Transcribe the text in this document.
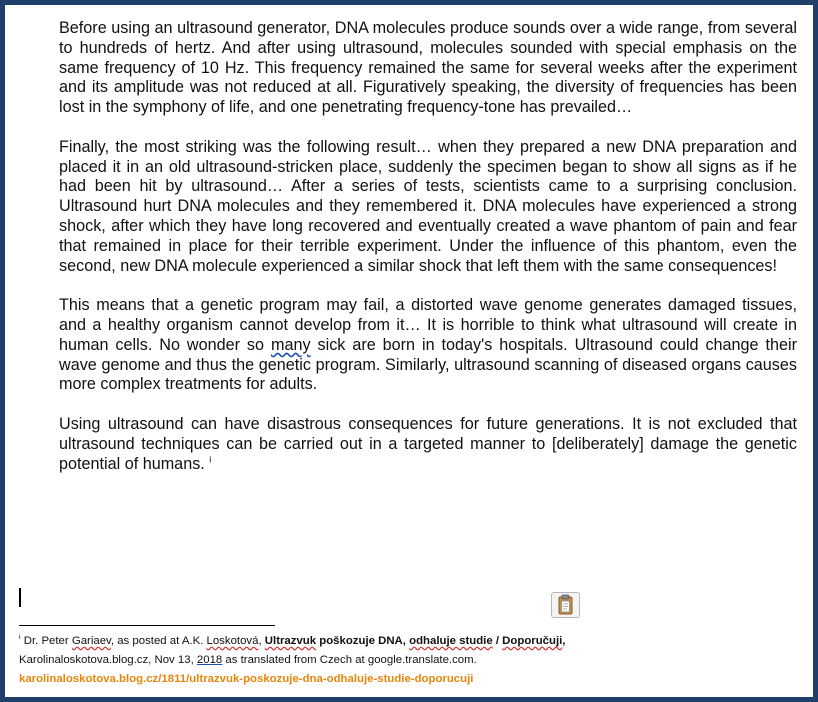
Before using an ultrasound generator, DNA molecules produce sounds over a wide range, from several to hundreds of hertz. And after using ultrasound, molecules sounded with special emphasis on the same frequency of 10 Hz. This frequency remained the same for several weeks after the experiment and its amplitude was not reduced at all. Figuratively speaking, the diversity of frequencies has been lost in the symphony of life, and one penetrating frequency-tone has prevailed…

Finally, the most striking was the following result… when they prepared a new DNA preparation and placed it in an old ultrasound-stricken place, suddenly the specimen began to show all signs as if he had been hit by ultrasound… After a series of tests, scientists came to a surprising conclusion. Ultrasound hurt DNA molecules and they remembered it. DNA molecules have experienced a strong shock, after which they have long recovered and eventually created a wave phantom of pain and fear that remained in place for their terrible experiment. Under the influence of this phantom, even the second, new DNA molecule experienced a similar shock that left them with the same consequences!

This means that a genetic program may fail, a distorted wave genome generates damaged tissues, and a healthy organism cannot develop from it… It is horrible to think what ultrasound will create in human cells. No wonder so many sick are born in today's hospitals. Ultrasound could change their wave genome and thus the genetic program. Similarly, ultrasound scanning of diseased organs causes more complex treatments for adults.

Using ultrasound can have disastrous consequences for future generations. It is not excluded that ultrasound techniques can be carried out in a targeted manner to [deliberately] damage the genetic potential of humans. $^i$

$^i$ Dr. Peter Gariaev, as posted at A.K. Loskotová, Ultrazvuk poškozuje DNA, odhaluje studie / Doporučuji,
Karolinaloskotova.blog.cz, Nov 13, 2018 as translated from Czech at google.translate.com.
karolinaloskotova.blog.cz/1811/ultrazvuk-poskozuje-dna-odhaluje-studie-doporucuji
